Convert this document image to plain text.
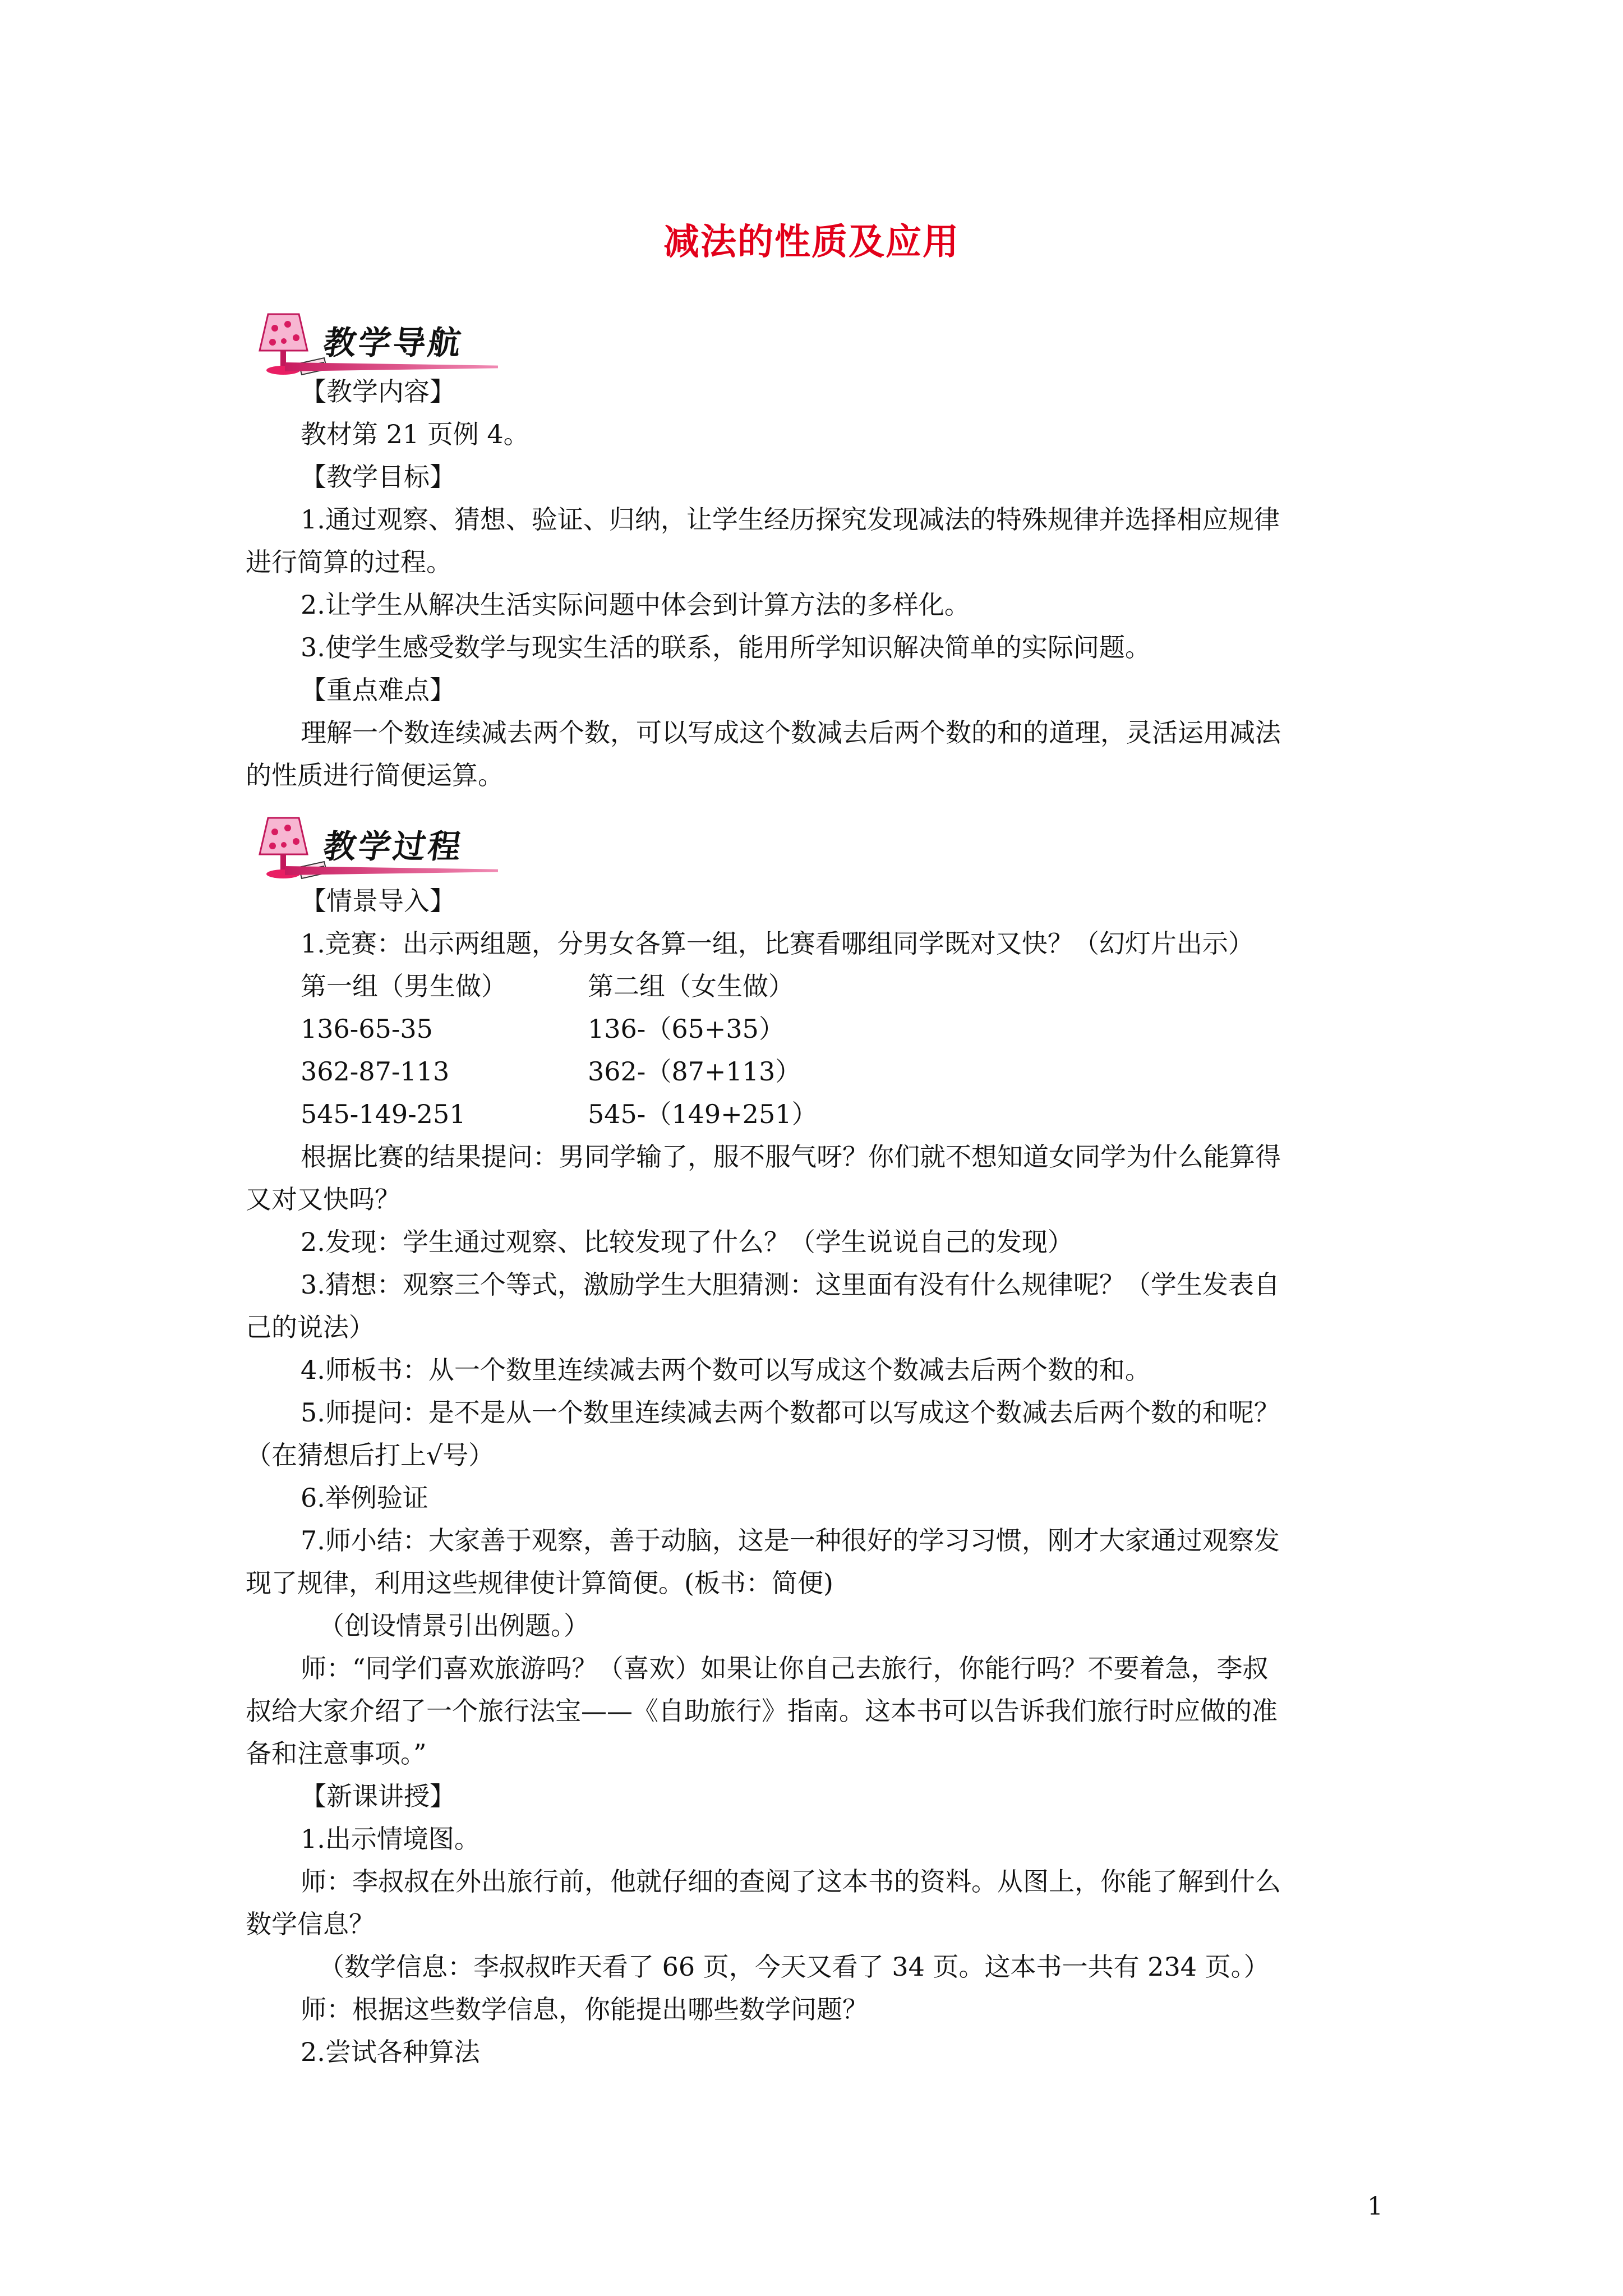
减法的性质及应用
教学导航
【教学内容】
教材第 21 页例 4。
【教学目标】
1.通过观察、猜想、验证、归纳，让学生经历探究发现减法的特殊规律并选择相应规律
进行简算的过程。
2.让学生从解决生活实际问题中体会到计算方法的多样化。
3.使学生感受数学与现实生活的联系，能用所学知识解决简单的实际问题。
【重点难点】
理解一个数连续减去两个数，可以写成这个数减去后两个数的和的道理，灵活运用减法
的性质进行简便运算。
教学过程
【情景导入】
1.竞赛：出示两组题，分男女各算一组，比赛看哪组同学既对又快？（幻灯片出示）
第一组（男生做）	第二组（女生做）
136-65-35	136-（65+35）
362-87-113	362-（87+113）
545-149-251	545-（149+251）
根据比赛的结果提问：男同学输了，服不服气呀？你们就不想知道女同学为什么能算得
又对又快吗？
2.发现：学生通过观察、比较发现了什么？（学生说说自己的发现）
3.猜想：观察三个等式，激励学生大胆猜测：这里面有没有什么规律呢？（学生发表自
己的说法）
4.师板书：从一个数里连续减去两个数可以写成这个数减去后两个数的和。
5.师提问：是不是从一个数里连续减去两个数都可以写成这个数减去后两个数的和呢？
（在猜想后打上√号）
6.举例验证
7.师小结：大家善于观察，善于动脑，这是一种很好的学习习惯，刚才大家通过观察发
现了规律，利用这些规律使计算简便。(板书：简便)
（创设情景引出例题。）
师：“同学们喜欢旅游吗？（喜欢）如果让你自己去旅行，你能行吗？不要着急，李叔
叔给大家介绍了一个旅行法宝——《自助旅行》指南。这本书可以告诉我们旅行时应做的准
备和注意事项。”
【新课讲授】
1.出示情境图。
师：李叔叔在外出旅行前，他就仔细的查阅了这本书的资料。从图上，你能了解到什么
数学信息？
（数学信息：李叔叔昨天看了 66 页，今天又看了 34 页。这本书一共有 234 页。）
师：根据这些数学信息，你能提出哪些数学问题？
2.尝试各种算法
1
